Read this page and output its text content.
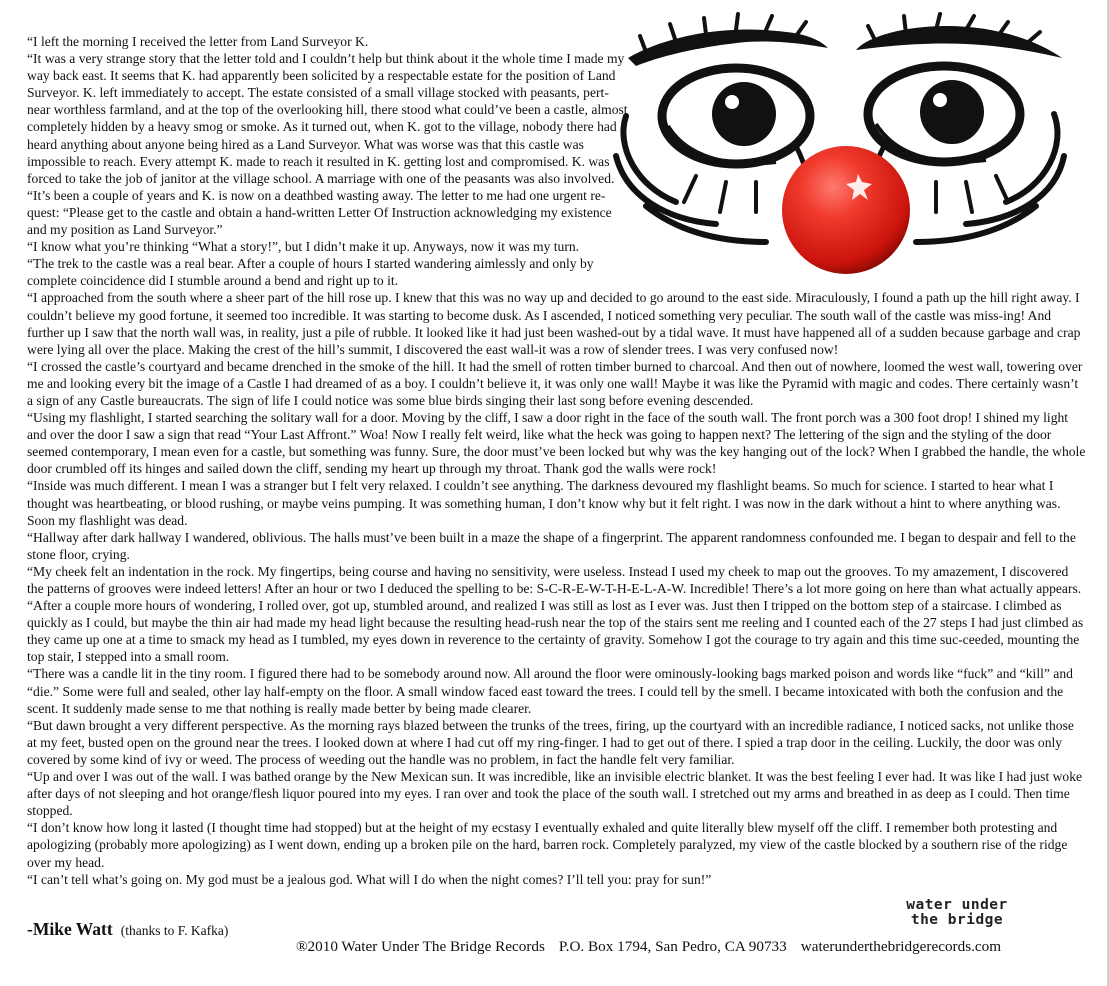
“I left the morning I received the letter from Land Surveyor K.

“It was a very strange story that the letter told and I couldn’t help but think about it the whole time I made my way back east. It seems that K. had apparently been solicited by a respectable estate for the position of Land Surveyor. K. left immediately to accept. The estate consisted of a small village stocked with peasants, pert-near worthless farmland, and at the top of the overlooking hill, there stood what could’ve been a castle, almost completely hidden by a heavy smog or smoke. As it turned out, when K. got to the village, nobody there had heard anything about anyone being hired as a Land Surveyor. What was worse was that this castle was impossible to reach. Every attempt K. made to reach it resulted in K. getting lost and compromised. K. was forced to take the job of janitor at the village school. A marriage with one of the peasants was also involved.

“It’s been a couple of years and K. is now on a deathbed wasting away. The letter to me had one urgent re-quest: “Please get to the castle and obtain a hand-written Letter Of Instruction acknowledging my existence and my position as Land Surveyor.”

“I know what you’re thinking “What a story!”, but I didn’t make it up. Anyways, now it was my turn.

“The trek to the castle was a real bear. After a couple of hours I started wandering aimlessly and only by complete coincidence did I stumble around a bend and right up to it.

“I approached from the south where a sheer part of the hill rose up. I knew that this was no way up and decided to go around to the east side. Miraculously, I found a path up the hill right away. I couldn’t believe my good fortune, it seemed too incredible. It was starting to become dusk. As I ascended, I noticed something very peculiar. The south wall of the castle was miss-ing! And further up I saw that the north wall was, in reality, just a pile of rubble. It looked like it had just been washed-out by a tidal wave. It must have happened all of a sudden because garbage and crap were lying all over the place. Making the crest of the hill’s summit, I discovered the east wall-it was a row of slender trees. I was very confused now!

“I crossed the castle’s courtyard and became drenched in the smoke of the hill. It had the smell of rotten timber burned to charcoal. And then out of nowhere, loomed the west wall, towering over me and looking every bit the image of a Castle I had dreamed of as a boy. I couldn’t believe it, it was only one wall! Maybe it was like the Pyramid with magic and codes. There certainly wasn’t a sign of any Castle bureaucrats. The sign of life I could notice was some blue birds singing their last song before evening descended.

“Using my flashlight, I started searching the solitary wall for a door. Moving by the cliff, I saw a door right in the face of the south wall. The front porch was a 300 foot drop! I shined my light and over the door I saw a sign that read “Your Last Affront.” Woa! Now I really felt weird, like what the heck was going to happen next? The lettering of the sign and the styling of the door seemed contemporary, I mean even for a castle, but something was funny. Sure, the door must’ve been locked but why was the key hanging out of the lock? When I grabbed the handle, the whole door crumbled off its hinges and sailed down the cliff, sending my heart up through my throat. Thank god the walls were rock!

“Inside was much different. I mean I was a stranger but I felt very relaxed. I couldn’t see anything. The darkness devoured my flashlight beams. So much for science. I started to hear what I thought was heartbeating, or blood rushing, or maybe veins pumping. It was something human, I don’t know why but it felt right. I was now in the dark without a hint to where anything was. Soon my flashlight was dead.

“Hallway after dark hallway I wandered, oblivious. The halls must’ve been built in a maze the shape of a fingerprint. The apparent randomness confounded me. I began to despair and fell to the stone floor, crying.

“My cheek felt an indentation in the rock. My fingertips, being course and having no sensitivity, were useless. Instead I used my cheek to map out the grooves. To my amazement, I discovered the patterns of grooves were indeed letters! After an hour or two I deduced the spelling to be: S-C-R-E-W-T-H-E-L-A-W. Incredible! There’s a lot more going on here than what actually appears.

“After a couple more hours of wondering, I rolled over, got up, stumbled around, and realized I was still as lost as I ever was. Just then I tripped on the bottom step of a staircase. I climbed as quickly as I could, but maybe the thin air had made my head light because the resulting head-rush near the top of the stairs sent me reeling and I counted each of the 27 steps I had just climbed as they came up one at a time to smack my head as I tumbled, my eyes down in reverence to the certainty of gravity. Somehow I got the courage to try again and this time suc-ceeded, mounting the top stair, I stepped into a small room.

“There was a candle lit in the tiny room. I figured there had to be somebody around now. All around the floor were ominously-looking bags marked poison and words like “fuck” and “kill” and “die.” Some were full and sealed, other lay half-empty on the floor. A small window faced east toward the trees. I could tell by the smell. I became intoxicated with both the confusion and the scent. It suddenly made sense to me that nothing is really made better by being made clearer.

“But dawn brought a very different perspective. As the morning rays blazed between the trunks of the trees, firing, up the courtyard with an incredible radiance, I noticed sacks, not unlike those at my feet, busted open on the ground near the trees. I looked down at where I had cut off my ring-finger. I had to get out of there. I spied a trap door in the ceiling. Luckily, the door was only covered by some kind of ivy or weed. The process of weeding out the handle was no problem, in fact the handle felt very familiar.

“Up and over I was out of the wall. I was bathed orange by the New Mexican sun. It was incredible, like an invisible electric blanket. It was the best feeling I ever had. It was like I had just woke after days of not sleeping and hot orange/flesh liquor poured into my eyes. I ran over and took the place of the south wall. I stretched out my arms and breathed in as deep as I could. Then time stopped.

“I don’t know how long it lasted (I thought time had stopped) but at the height of my ecstasy I eventually exhaled and quite literally blew myself off the cliff. I remember both protesting and apologizing (probably more apologizing) as I went down, ending up a broken pile on the hard, barren rock. Completely paralyzed, my view of the castle blocked by a southern rise of the ridge over my head.

“I can’t tell what’s going on. My god must be a jealous god. What will I do when the night comes? I’ll tell you: pray for sun!”

-Mike Watt (thanks to F. Kafka)
water under
the bridge
®2010 Water Under The Bridge Records P.O. Box 1794, San Pedro, CA 90733 waterunderthebridgerecords.com
